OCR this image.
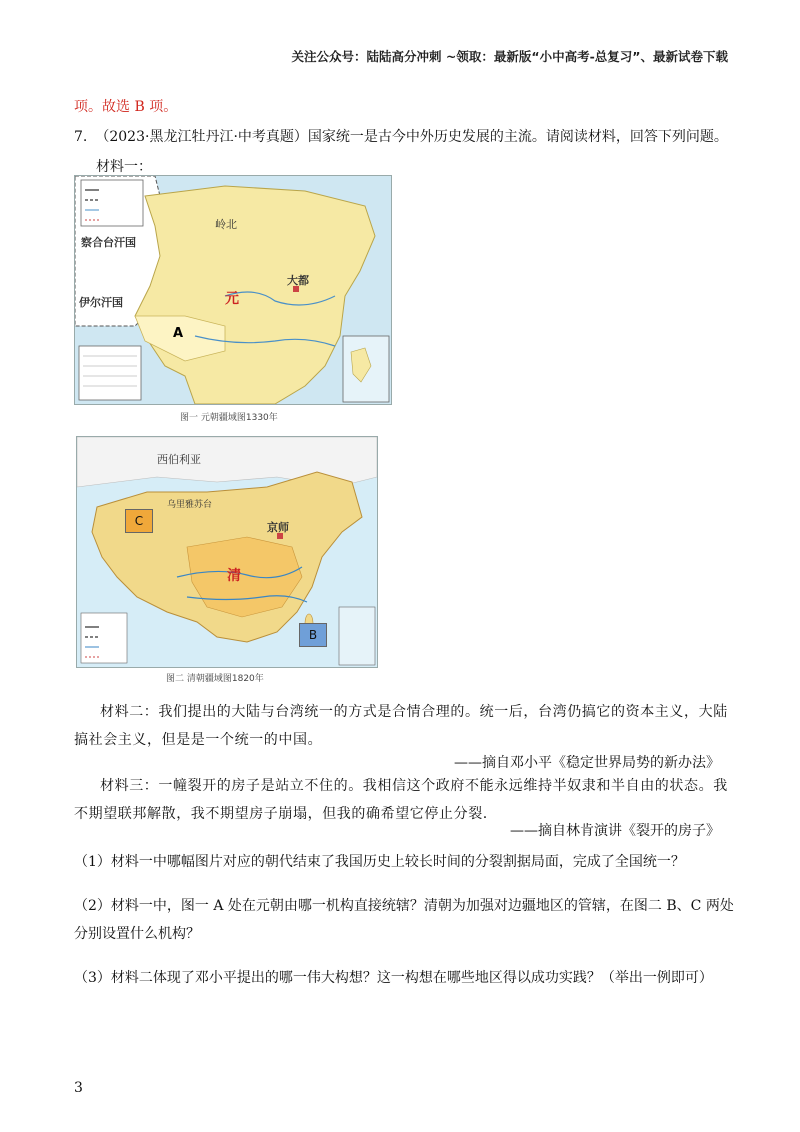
关注公众号：陆陆高分冲刺 ~领取：最新版“小中高考-总复习”、最新试卷下载
项。故选 B 项。
7. （2023·黑龙江牡丹江·中考真题）国家统一是古今中外历史发展的主流。请阅读材料，回答下列问题。
材料一：
元
大都
察合台汗国
伊尔汗国
岭北
A
图一 元朝疆域图1330年
西伯利亚
乌里雅苏台
京师
清
C
B
图二 清朝疆域图1820年
材料二：我们提出的大陆与台湾统一的方式是合情合理的。统一后，台湾仍搞它的资本主义，大陆搞社会主义，但是是一个统一的中国。
——摘自邓小平《稳定世界局势的新办法》
材料三：一幢裂开的房子是站立不住的。我相信这个政府不能永远维持半奴隶和半自由的状态。我不期望联邦解散，我不期望房子崩塌，但我的确希望它停止分裂.
——摘自林肯演讲《裂开的房子》
（1）材料一中哪幅图片对应的朝代结束了我国历史上较长时间的分裂割据局面，完成了全国统一？
（2）材料一中，图一 A 处在元朝由哪一机构直接统辖？清朝为加强对边疆地区的管辖，在图二 B、C 两处分别设置什么机构？
（3）材料二体现了邓小平提出的哪一伟大构想？这一构想在哪些地区得以成功实践？（举出一例即可）
3
